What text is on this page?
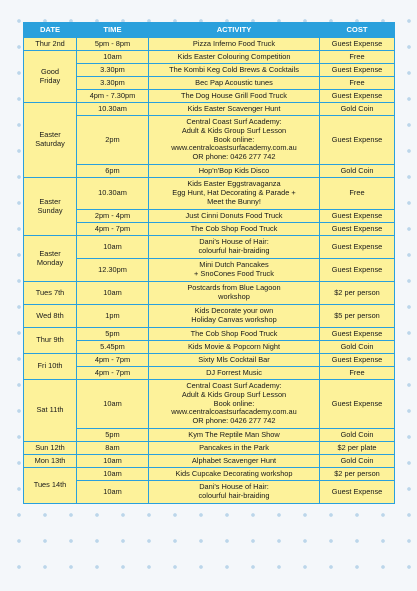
DATE	TIME	ACTIVITY	COST
Thur 2nd	5pm - 8pm	Pizza Inferno Food Truck	Guest Expense
Good
Friday	10am	Kids Easter Colouring Competition	Free
	3.30pm	The Kombi Keg Cold Brews & Cocktails	Guest Expense
	3.30pm	Bec Pap Acoustic tunes	Free
	4pm - 7.30pm	The Dog House Grill Food Truck	Guest Expense
Easter
Saturday	10.30am	Kids Easter Scavenger Hunt	Gold Coin
	2pm	Central Coast Surf Academy:
Adult & Kids Group Surf Lesson
Book online:
www.centralcoastsurfacademy.com.au
OR phone: 0426 277 742	Guest Expense
	6pm	Hop'n'Bop Kids Disco	Gold Coin
Easter
Sunday	10.30am	Kids Easter Eggstravaganza
Egg Hunt, Hat Decorating & Parade +
Meet the Bunny!	Free
	2pm - 4pm	Just Cinni Donuts Food Truck	Guest Expense
	4pm - 7pm	The Cob Shop Food Truck	Guest Expense
Easter
Monday	10am	Dani's House of Hair:
colourful hair-braiding	Guest Expense
	12.30pm	Mini Dutch Pancakes
+ SnoCones Food Truck	Guest Expense
Tues 7th	10am	Postcards from Blue Lagoon
workshop	$2 per person
Wed 8th	1pm	Kids Decorate your own
Holiday Canvas workshop	$5 per person
Thur 9th	5pm	The Cob Shop Food Truck	Guest Expense
	5.45pm	Kids Movie & Popcorn Night	Gold Coin
Fri 10th	4pm - 7pm	Sixty Mls Cocktail Bar	Guest Expense
	4pm - 7pm	DJ Forrest Music	Free
Sat 11th	10am	Central Coast Surf Academy:
Adult & Kids Group Surf Lesson
Book online:
www.centralcoastsurfacademy.com.au
OR phone: 0426 277 742	Guest Expense
	5pm	Kym The Reptile Man Show	Gold Coin
Sun 12th	8am	Pancakes in the Park	$2 per plate
Mon 13th	10am	Alphabet Scavenger Hunt	Gold Coin
Tues 14th	10am	Kids Cupcake Decorating workshop	$2 per person
	10am	Dani's House of Hair:
colourful hair-braiding	Guest Expense
